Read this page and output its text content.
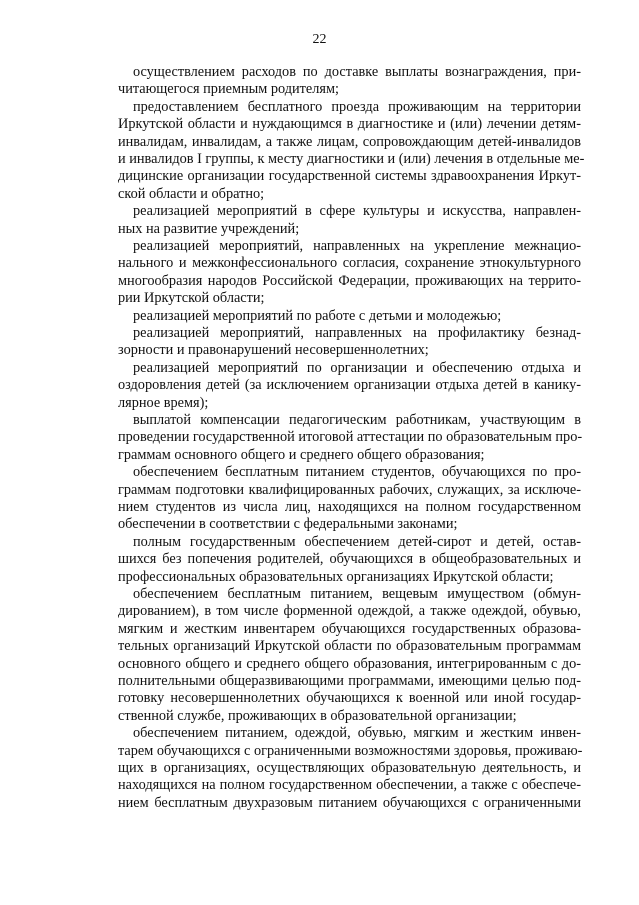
22
осуществлением расходов по доставке выплаты вознаграждения, при-
читающегося приемным родителям;
предоставлением бесплатного проезда проживающим на территории
Иркутской области и нуждающимся в диагностике и (или) лечении детям-
инвалидам, инвалидам, а также лицам, сопровождающим детей-инвалидов
и инвалидов I группы, к месту диагностики и (или) лечения в отдельные ме-
дицинские организации государственной системы здравоохранения Иркут-
ской области и обратно;
реализацией мероприятий в сфере культуры и искусства, направлен-
ных на развитие учреждений;
реализацией мероприятий, направленных на укрепление межнацио-
нального и межконфессионального согласия, сохранение этнокультурного
многообразия народов Российской Федерации, проживающих на террито-
рии Иркутской области;
реализацией мероприятий по работе с детьми и молодежью;
реализацией мероприятий, направленных на профилактику безнад-
зорности и правонарушений несовершеннолетних;
реализацией мероприятий по организации и обеспечению отдыха и
оздоровления детей (за исключением организации отдыха детей в канику-
лярное время);
выплатой компенсации педагогическим работникам, участвующим в
проведении государственной итоговой аттестации по образовательным про-
граммам основного общего и среднего общего образования;
обеспечением бесплатным питанием студентов, обучающихся по про-
граммам подготовки квалифицированных рабочих, служащих, за исключе-
нием студентов из числа лиц, находящихся на полном государственном
обеспечении в соответствии с федеральными законами;
полным государственным обеспечением детей-сирот и детей, остав-
шихся без попечения родителей, обучающихся в общеобразовательных и
профессиональных образовательных организациях Иркутской области;
обеспечением бесплатным питанием, вещевым имуществом (обмун-
дированием), в том числе форменной одеждой, а также одеждой, обувью,
мягким и жестким инвентарем обучающихся государственных образова-
тельных организаций Иркутской области по образовательным программам
основного общего и среднего общего образования, интегрированным с до-
полнительными общеразвивающими программами, имеющими целью под-
готовку несовершеннолетних обучающихся к военной или иной государ-
ственной службе, проживающих в образовательной организации;
обеспечением питанием, одеждой, обувью, мягким и жестким инвен-
тарем обучающихся с ограниченными возможностями здоровья, проживаю-
щих в организациях, осуществляющих образовательную деятельность, и
находящихся на полном государственном обеспечении, а также с обеспече-
нием бесплатным двухразовым питанием обучающихся с ограниченными
